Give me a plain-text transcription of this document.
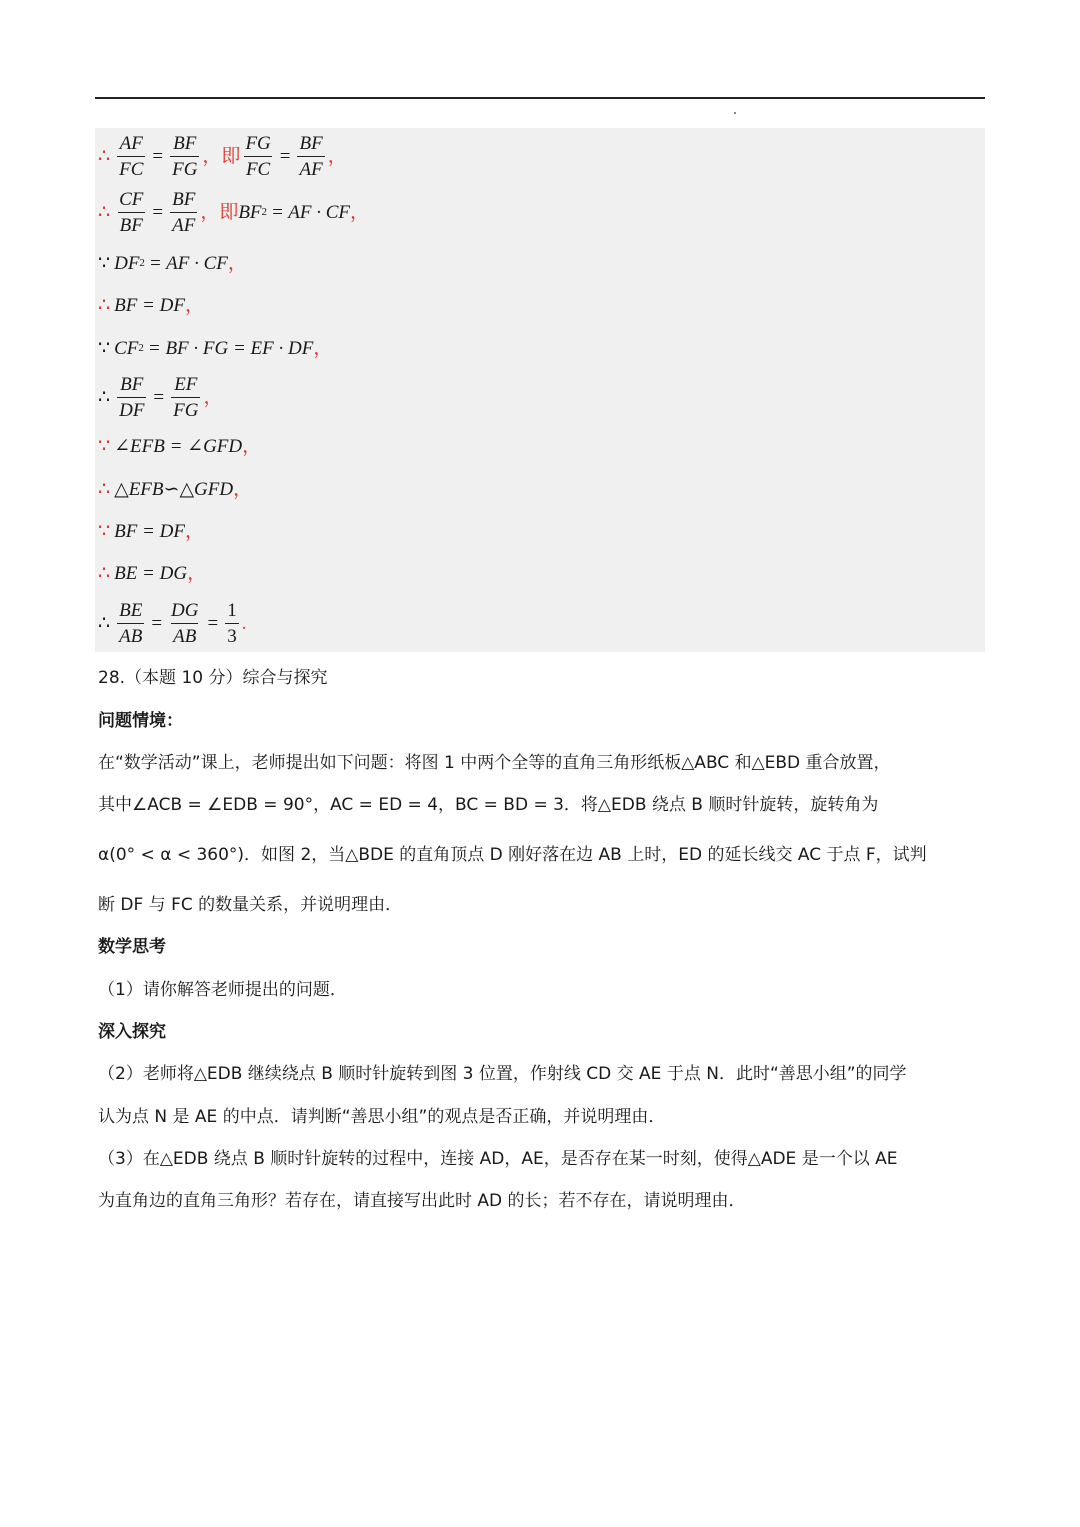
∴ $\frac{AF}{FC} = \frac{BF}{FG}$ ，即 $\frac{FG}{FC} = \frac{BF}{AF}$ ，
∴ $\frac{CF}{BF} = \frac{BF}{AF}$ ，即 BF 2 = AF · CF ，
∵ DF 2 = AF · CF ，
∴ BF = DF ，
∵ CF 2 = BF · FG = EF · DF ，
∴ $\frac{BF}{DF} = \frac{EF}{FG}$ ，
∵ ∠EFB = ∠GFD ，
∴ △EFB∽△GFD ，
∵ BF = DF ，
∴ BE = DG ，
∴ $\frac{BE}{AB} = \frac{DG}{AB} = \frac{1}{3}$ .
28.（本题 10 分）综合与探究
问题情境：
在“数学活动”课上，老师提出如下问题：将图 1 中两个全等的直角三角形纸板△ABC 和△EBD 重合放置，
其中∠ACB = ∠EDB = 90°，AC = ED = 4，BC = BD = 3．将△EDB 绕点 B 顺时针旋转，旋转角为
α(0° < α < 360°)．如图 2，当△BDE 的直角顶点 D 刚好落在边 AB 上时，ED 的延长线交 AC 于点 F，试判
断 DF 与 FC 的数量关系，并说明理由．
数学思考
（1）请你解答老师提出的问题．
深入探究
（2）老师将△EDB 继续绕点 B 顺时针旋转到图 3 位置，作射线 CD 交 AE 于点 N．此时“善思小组”的同学
认为点 N 是 AE 的中点．请判断“善思小组”的观点是否正确，并说明理由．
（3）在△EDB 绕点 B 顺时针旋转的过程中，连接 AD，AE，是否存在某一时刻，使得△ADE 是一个以 AE
为直角边的直角三角形？若存在，请直接写出此时 AD 的长；若不存在，请说明理由．
